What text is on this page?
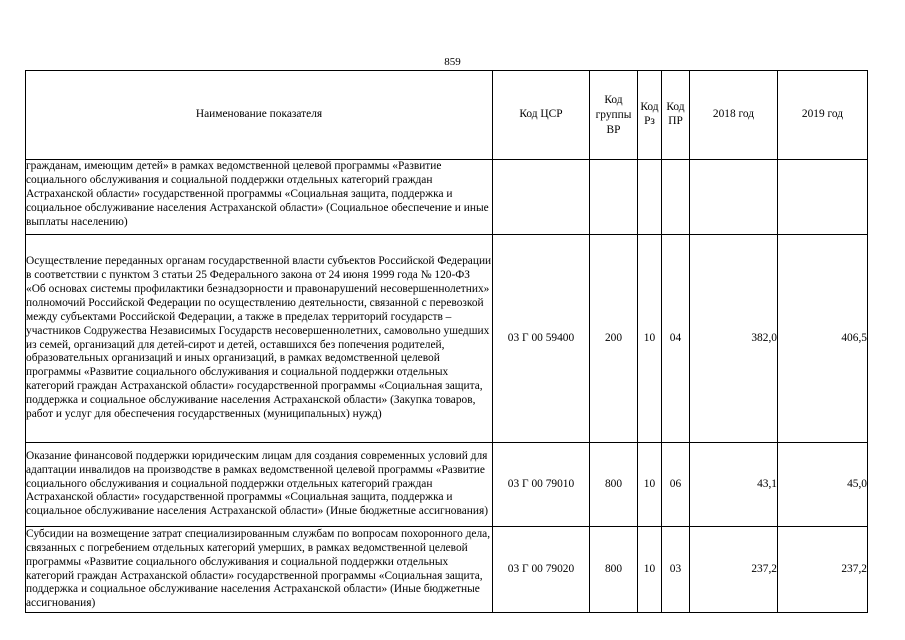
859
Наименование показателя	Код ЦСР	Код группы ВР	Код Рз	Код ПР	2018 год	2019 год
гражданам, имеющим детей» в рамках ведомственной целевой программы «Развитие социального обслуживания и социальной поддержки отдельных категорий граждан Астраханской области» государственной программы «Социальная защита, поддержка и социальное обслуживание населения Астраханской области» (Социальное обеспечение и иные выплаты населению)						
Осуществление переданных органам государственной власти субъектов Российской Федерации в соответствии с пунктом 3 статьи 25 Федерального закона от 24 июня 1999 года № 120-ФЗ «Об основах системы профилактики безнадзорности и правонарушений несовершеннолетних» полномочий Российской Федерации по осуществлению деятельности, связанной с перевозкой между субъектами Российской Федерации, а также в пределах территорий государств – участников Содружества Независимых Государств несовершеннолетних, самовольно ушедших из семей, организаций для детей-сирот и детей, оставшихся без попечения родителей, образовательных организаций и иных организаций, в рамках ведомственной целевой программы «Развитие социального обслуживания и социальной поддержки отдельных категорий граждан Астраханской области» государственной программы «Социальная защита, поддержка и социальное обслуживание населения Астраханской области» (Закупка товаров, работ и услуг для обеспечения государственных (муниципальных) нужд)	03 Г 00 59400	200	10	04	382,0	406,5
Оказание финансовой поддержки юридическим лицам для создания современных условий для адаптации инвалидов на производстве в рамках ведомственной целевой программы «Развитие социального обслуживания и социальной поддержки отдельных категорий граждан Астраханской области» государственной программы «Социальная защита, поддержка и социальное обслуживание населения Астраханской области» (Иные бюджетные ассигнования)	03 Г 00 79010	800	10	06	43,1	45,0
Субсидии на возмещение затрат специализированным службам по вопросам похоронного дела, связанных с погребением отдельных категорий умерших, в рамках ведомственной целевой программы «Развитие социального обслуживания и социальной поддержки отдельных категорий граждан Астраханской области» государственной программы «Социальная защита, поддержка и социальное обслуживание населения Астраханской области» (Иные бюджетные ассигнования)	03 Г 00 79020	800	10	03	237,2	237,2
